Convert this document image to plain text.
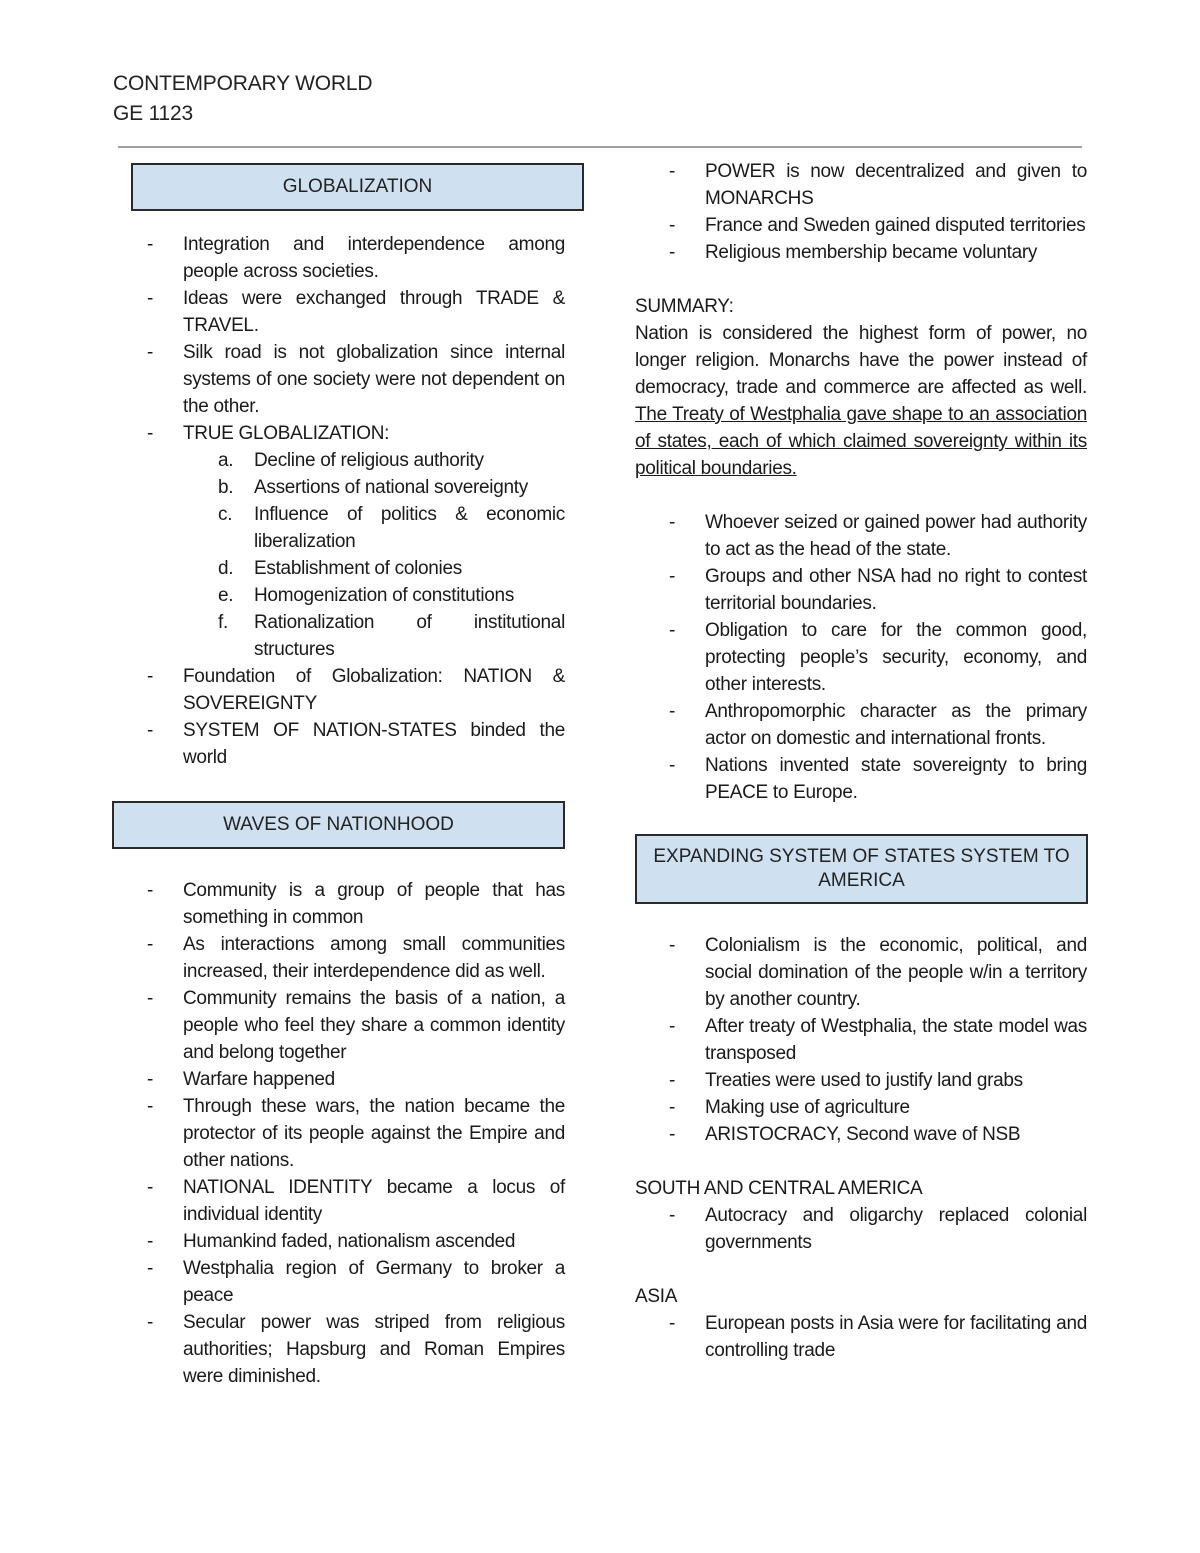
CONTEMPORARY WORLD
GE 1123
GLOBALIZATION
- Integration and interdependence among people across societies.
- Ideas were exchanged through TRADE & TRAVEL.
- Silk road is not globalization since internal systems of one society were not dependent on the other.
- TRUE GLOBALIZATION:
a. Decline of religious authority
b. Assertions of national sovereignty
c. Influence of politics & economic liberalization
d. Establishment of colonies
e. Homogenization of constitutions
f. Rationalization of institutional structures
- Foundation of Globalization: NATION & SOVEREIGNTY
- SYSTEM OF NATION-STATES binded the world
WAVES OF NATIONHOOD
- Community is a group of people that has something in common
- As interactions among small communities increased, their interdependence did as well.
- Community remains the basis of a nation, a people who feel they share a common identity and belong together
- Warfare happened
- Through these wars, the nation became the protector of its people against the Empire and other nations.
- NATIONAL IDENTITY became a locus of individual identity
- Humankind faded, nationalism ascended
- Westphalia region of Germany to broker a peace
- Secular power was striped from religious authorities; Hapsburg and Roman Empires were diminished.
- POWER is now decentralized and given to MONARCHS
- France and Sweden gained disputed territories
- Religious membership became voluntary

SUMMARY:

Nation is considered the highest form of power, no longer religion. Monarchs have the power instead of democracy, trade and commerce are affected as well. The Treaty of Westphalia gave shape to an association of states, each of which claimed sovereignty within its political boundaries.

- Whoever seized or gained power had authority to act as the head of the state.
- Groups and other NSA had no right to contest territorial boundaries.
- Obligation to care for the common good, protecting people’s security, economy, and other interests.
- Anthropomorphic character as the primary actor on domestic and international fronts.
- Nations invented state sovereignty to bring PEACE to Europe.
EXPANDING SYSTEM OF STATES SYSTEM TO AMERICA
- Colonialism is the economic, political, and social domination of the people w/in a territory by another country.
- After treaty of Westphalia, the state model was transposed
- Treaties were used to justify land grabs
- Making use of agriculture
- ARISTOCRACY, Second wave of NSB

SOUTH AND CENTRAL AMERICA

- Autocracy and oligarchy replaced colonial governments

ASIA

- European posts in Asia were for facilitating and controlling trade
